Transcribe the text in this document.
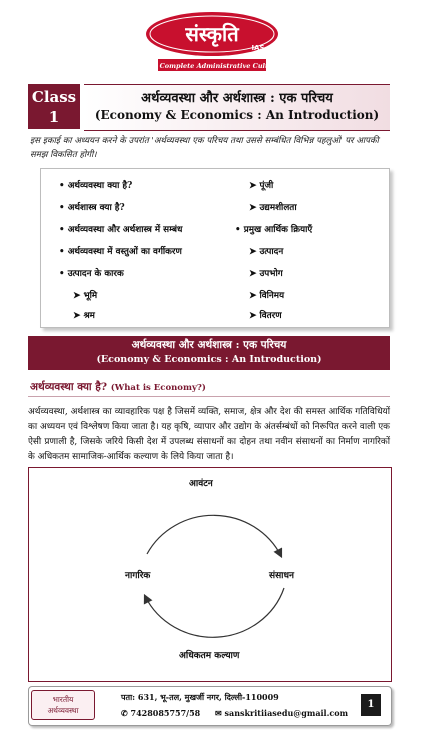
संस्कृति
IAS
The Complete Administrative Culture
Class
1
अर्थव्यवस्था और अर्थशास्त्र : एक परिचय
(Economy & Economics : An Introduction)
इस इकाई का अध्ययन करने के उपरांत 'अर्थव्यवस्था एक परिचय तथा उससे सम्बंधित विभिन्न पहलुओं' पर आपकी समझ विकसित होगी।
• अर्थव्यवस्था क्या है?
• अर्थशास्त्र क्या है?
• अर्थव्यवस्था और अर्थशास्त्र में सम्बंध
• अर्थव्यवस्था में वस्तुओं का वर्गीकरण
• उत्पादन के कारक
➤ भूमि
➤ श्रम
➤ पूंजी
➤ उद्यमशीलता
• प्रमुख आर्थिक क्रियाएँ
➤ उत्पादन
➤ उपभोग
➤ विनिमय
➤ वितरण
अर्थव्यवस्था और अर्थशास्त्र : एक परिचय
(Economy & Economics : An Introduction)
अर्थव्यवस्था क्या है? (What is Economy?)
अर्थव्यवस्था, अर्थशास्त्र का व्यावहारिक पक्ष है जिसमें व्यक्ति, समाज, क्षेत्र और देश की समस्त आर्थिक गतिविधियों का अध्ययन एवं विश्लेषण किया जाता है। यह कृषि, व्यापार और उद्योग के अंतर्सम्बंधों को निरूपित करने वाली एक ऐसी प्रणाली है, जिसके जरिये किसी देश में उपलब्ध संसाधनों का दोहन तथा नवीन संसाधनों का निर्माण नागरिकों के अधिकतम सामाजिक-आर्थिक कल्याण के लिये किया जाता है।
आवंटन
नागरिक	संसाधन
अधिकतम कल्याण
भारतीय
अर्थव्यवस्था
पता: 631, भू-तल, मुखर्जी नगर, दिल्ली-110009
✆ 7428085757/58 ✉ sanskritiiasedu@gmail.com
1
